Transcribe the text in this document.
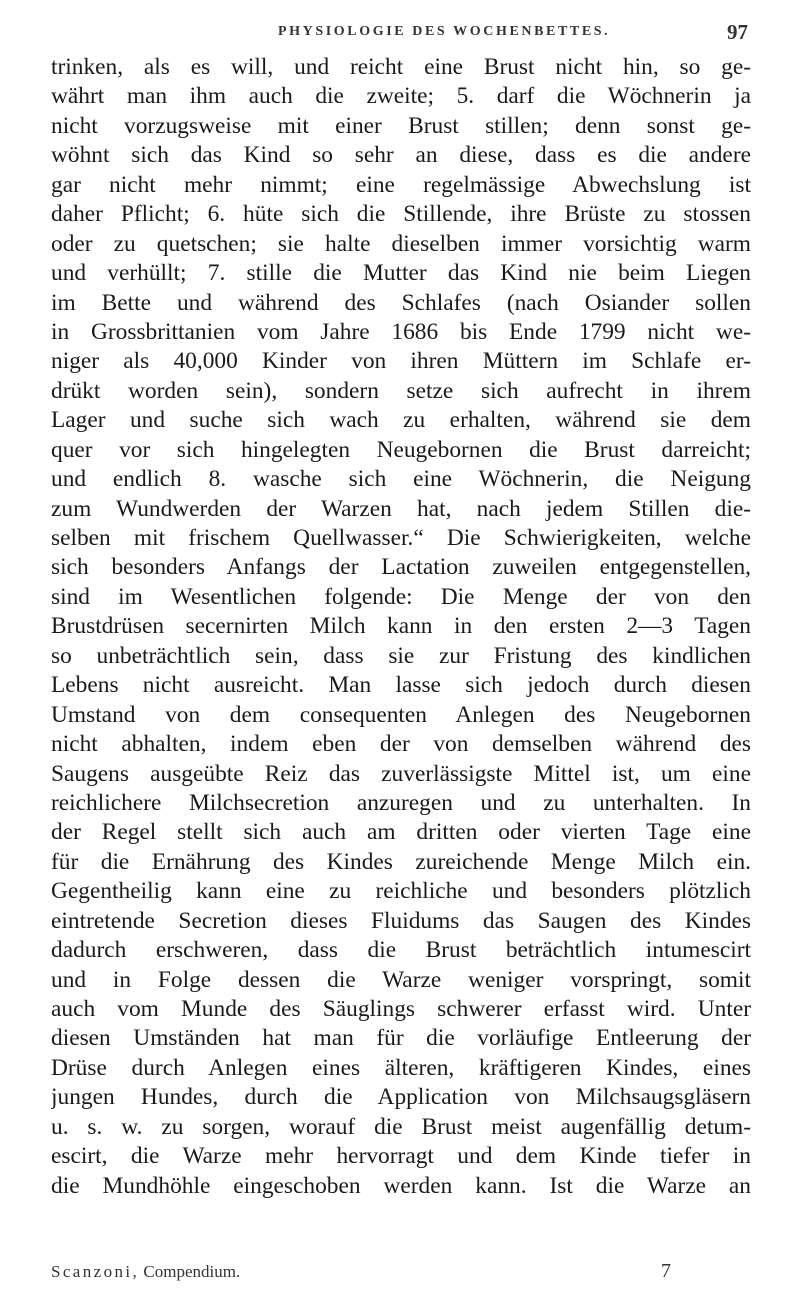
PHYSIOLOGIE DES WOCHENBETTES.	97
trinken, als es will, und reicht eine Brust nicht hin, so ge-
währt man ihm auch die zweite; 5. darf die Wöchnerin ja
nicht vorzugsweise mit einer Brust stillen; denn sonst ge-
wöhnt sich das Kind so sehr an diese, dass es die andere
gar nicht mehr nimmt; eine regelmässige Abwechslung ist
daher Pflicht; 6. hüte sich die Stillende, ihre Brüste zu stossen
oder zu quetschen; sie halte dieselben immer vorsichtig warm
und verhüllt; 7. stille die Mutter das Kind nie beim Liegen
im Bette und während des Schlafes (nach Osiander sollen
in Grossbrittanien vom Jahre 1686 bis Ende 1799 nicht we-
niger als 40,000 Kinder von ihren Müttern im Schlafe er-
drükt worden sein), sondern setze sich aufrecht in ihrem
Lager und suche sich wach zu erhalten, während sie dem
quer vor sich hingelegten Neugebornen die Brust darreicht;
und endlich 8. wasche sich eine Wöchnerin, die Neigung
zum Wundwerden der Warzen hat, nach jedem Stillen die-
selben mit frischem Quellwasser.“ Die Schwierigkeiten, welche
sich besonders Anfangs der Lactation zuweilen entgegenstellen,
sind im Wesentlichen folgende: Die Menge der von den
Brustdrüsen secernirten Milch kann in den ersten 2—3 Tagen
so unbeträchtlich sein, dass sie zur Fristung des kindlichen
Lebens nicht ausreicht. Man lasse sich jedoch durch diesen
Umstand von dem consequenten Anlegen des Neugebornen
nicht abhalten, indem eben der von demselben während des
Saugens ausgeübte Reiz das zuverlässigste Mittel ist, um eine
reichlichere Milchsecretion anzuregen und zu unterhalten. In
der Regel stellt sich auch am dritten oder vierten Tage eine
für die Ernährung des Kindes zureichende Menge Milch ein.
Gegentheilig kann eine zu reichliche und besonders plötzlich
eintretende Secretion dieses Fluidums das Saugen des Kindes
dadurch erschweren, dass die Brust beträchtlich intumescirt
und in Folge dessen die Warze weniger vorspringt, somit
auch vom Munde des Säuglings schwerer erfasst wird. Unter
diesen Umständen hat man für die vorläufige Entleerung der
Drüse durch Anlegen eines älteren, kräftigeren Kindes, eines
jungen Hundes, durch die Application von Milchsaugsgläsern
u. s. w. zu sorgen, worauf die Brust meist augenfällig detum-
escirt, die Warze mehr hervorragt und dem Kinde tiefer in
die Mundhöhle eingeschoben werden kann. Ist die Warze an
Scanzoni, Compendium.	7
